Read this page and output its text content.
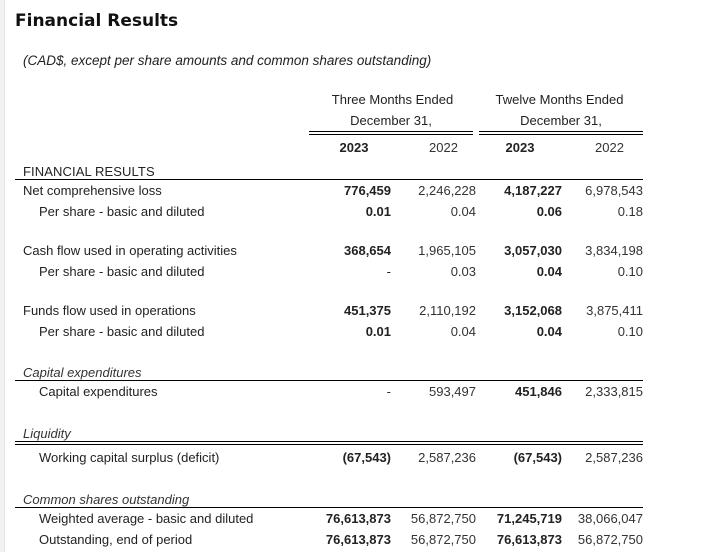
Financial Results
(CAD$, except per share amounts and common shares outstanding)
	Three Months Ended		Twelve Months Ended	
	December 31,		December 31,	
	2023	2022	2023	2022
FINANCIAL RESULTS				
Net comprehensive loss	776,459	2,246,228	4,187,227	6,978,543
Per share - basic and diluted	0.01	0.04	0.06	0.18

Cash flow used in operating activities	368,654	1,965,105	3,057,030	3,834,198
Per share - basic and diluted	-	0.03	0.04	0.10

Funds flow used in operations	451,375	2,110,192	3,152,068	3,875,411
Per share - basic and diluted	0.01	0.04	0.04	0.10

Capital expenditures				
Capital expenditures	-	593,497	451,846	2,333,815

Liquidity				
Working capital surplus (deficit)	(67,543)	2,587,236	(67,543)	2,587,236

Common shares outstanding				
Weighted average - basic and diluted	76,613,873	56,872,750	71,245,719	38,066,047
Outstanding, end of period	76,613,873	56,872,750	76,613,873	56,872,750
